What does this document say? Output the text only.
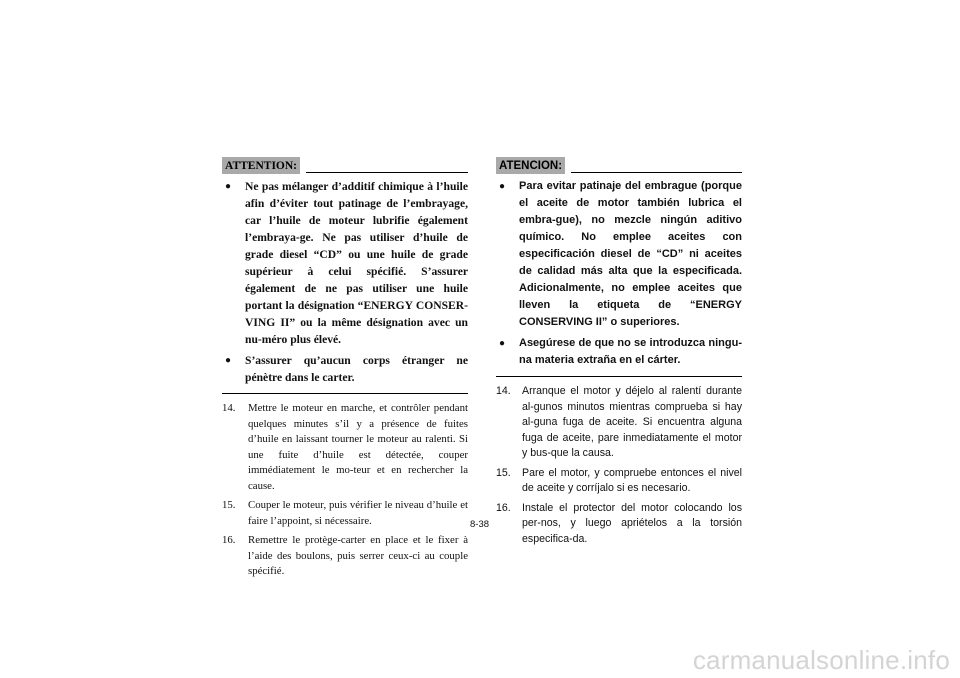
ATTENTION:
●	Ne pas mélanger d’additif chimique à l’huile afin d’éviter tout patinage de l’embrayage, car l’huile de moteur lubrifie également l’embraya-ge. Ne pas utiliser d’huile de grade diesel “CD” ou une huile de grade supérieur à celui spécifié. S’assurer également de ne pas utiliser une huile portant la désignation “ENERGY CONSER-VING II” ou la même désignation avec un nu-méro plus élevé.
●	S’assurer qu’aucun corps étranger ne pénètre dans le carter.
14.	Mettre le moteur en marche, et contrôler pendant quelques minutes s’il y a présence de fuites d’huile en laissant tourner le moteur au ralenti. Si une fuite d’huile est détectée, couper immédiatement le mo-teur et en rechercher la cause.
15.	Couper le moteur, puis vérifier le niveau d’huile et faire l’appoint, si nécessaire.
16.	Remettre le protège-carter en place et le fixer à l’aide des boulons, puis serrer ceux-ci au couple spécifié.
ATENCION:
●	Para evitar patinaje del embrague (porque el aceite de motor también lubrica el embra-gue), no mezcle ningún aditivo químico. No emplee aceites con especificación diesel de “CD” ni aceites de calidad más alta que la especificada. Adicionalmente, no emplee aceites que lleven la etiqueta de “ENERGY CONSERVING II” o superiores.
●	Asegúrese de que no se introduzca ningu-na materia extraña en el cárter.
14.	Arranque el motor y déjelo al ralentí durante al-gunos minutos mientras comprueba si hay al-guna fuga de aceite. Si encuentra alguna fuga de aceite, pare inmediatamente el motor y bus-que la causa.
15.	Pare el motor, y compruebe entonces el nivel de aceite y corríjalo si es necesario.
16.	Instale el protector del motor colocando los per-nos, y luego apriételos a la torsión especifica-da.
8-38
carmanualsonline.info
